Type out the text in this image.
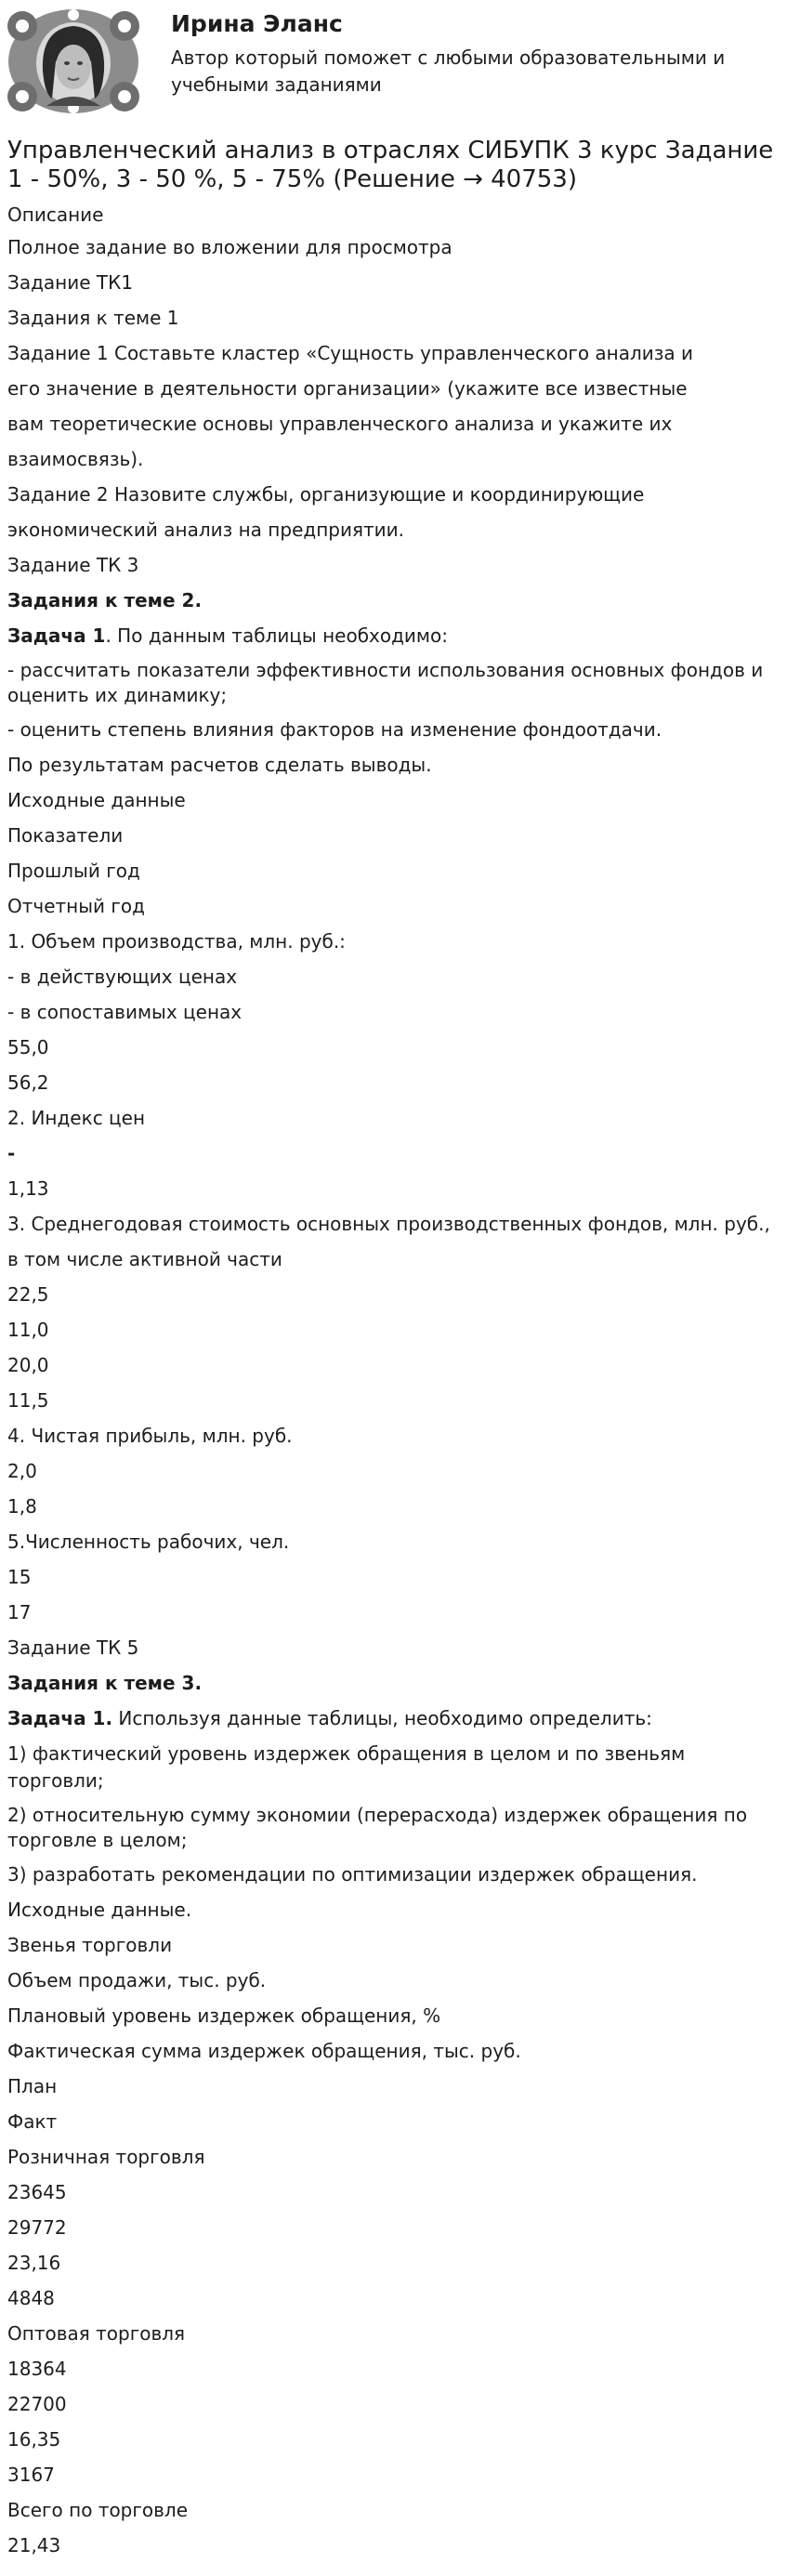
Ирина Эланс

Автор который поможет с любыми образовательными и учебными заданиями

Управленческий анализ в отраслях СИБУПК 3 курс Задание 1 - 50%, 3 - 50 %, 5 - 75% (Решение → 40753)
Описание

Полное задание во вложении для просмотра

Задание ТК1

Задания к теме 1

Задание 1 Составьте кластер «Сущность управленческого анализа и

его значение в деятельности организации» (укажите все известные

вам теоретические основы управленческого анализа и укажите их

взаимосвязь).

Задание 2 Назовите службы, организующие и координирующие

экономический анализ на предприятии.

Задание ТК 3

Задания к теме 2.

Задача 1. По данным таблицы необходимо:

- рассчитать показатели эффективности использования основных фондов и оценить их динамику;

- оценить степень влияния факторов на изменение фондоотдачи.

По результатам расчетов сделать выводы.

Исходные данные

Показатели

Прошлый год

Отчетный год

1. Объем производства, млн. руб.:

- в действующих ценах

- в сопоставимых ценах

55,0

56,2

2. Индекс цен

-

1,13

3. Среднегодовая стоимость основных производственных фондов, млн. руб.,

в том числе активной части

22,5

11,0

20,0

11,5

4. Чистая прибыль, млн. руб.

2,0

1,8

5.Численность рабочих, чел.

15

17

Задание ТК 5

Задания к теме 3.

Задача 1. Используя данные таблицы, необходимо определить:

1) фактический уровень издержек обращения в целом и по звеньям торговли;

2) относительную сумму экономии (перерасхода) издержек обращения по торговле в целом;

3) разработать рекомендации по оптимизации издержек обращения.

Исходные данные.

Звенья торговли

Объем продажи, тыс. руб.

Плановый уровень издержек обращения, %

Фактическая сумма издержек обращения, тыс. руб.

План

Факт

Розничная торговля

23645

29772

23,16

4848

Оптовая торговля

18364

22700

16,35

3167

Всего по торговле

21,43
